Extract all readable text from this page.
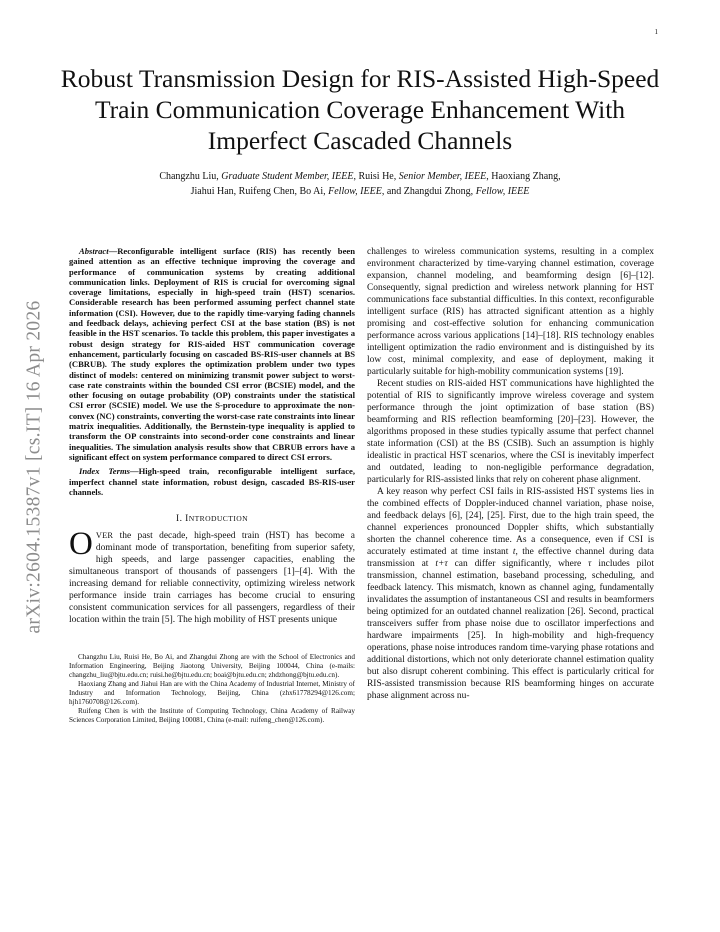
1
arXiv:2604.15387v1 [cs.IT] 16 Apr 2026
Robust Transmission Design for RIS-Assisted High-Speed Train Communication Coverage Enhancement With Imperfect Cascaded Channels
Changzhu Liu, Graduate Student Member, IEEE, Ruisi He, Senior Member, IEEE, Haoxiang Zhang,
Jiahui Han, Ruifeng Chen, Bo Ai, Fellow, IEEE, and Zhangdui Zhong, Fellow, IEEE

Abstract—Reconfigurable intelligent surface (RIS) has recently been gained attention as an effective technique improving the coverage and performance of communication systems by creating additional communication links. Deployment of RIS is crucial for overcoming signal coverage limitations, especially in high-speed train (HST) scenarios. Considerable research has been performed assuming perfect channel state information (CSI). However, due to the rapidly time-varying fading channels and feedback delays, achieving perfect CSI at the base station (BS) is not feasible in the HST scenarios. To tackle this problem, this paper investigates a robust design strategy for RIS-aided HST communication coverage enhancement, particularly focusing on cascaded BS-RIS-user channels at BS (CBRUB). The study explores the optimization problem under two types distinct of models: centered on minimizing transmit power subject to worst-case rate constraints within the bounded CSI error (BCSIE) model, and the other focusing on outage probability (OP) constraints under the statistical CSI error (SCSIE) model. We use the S-procedure to approximate the non-convex (NC) constraints, converting the worst-case rate constraints into linear matrix inequalities. Additionally, the Bernstein-type inequality is applied to transform the OP constraints into second-order cone constraints and linear inequalities. The simulation analysis results show that CBRUB errors have a significant effect on system performance compared to direct CSI errors.

Index Terms—High-speed train, reconfigurable intelligent surface, imperfect channel state information, robust design, cascaded BS-RIS-user channels.

I. INTRODUCTION

OVER the past decade, high-speed train (HST) has become a dominant mode of transportation, benefiting from superior safety, high speeds, and large passenger capacities, enabling the simultaneous transport of thousands of passengers [1]–[4]. With the increasing demand for reliable connectivity, optimizing wireless network performance inside train carriages has become crucial to ensuring consistent communication services for all passengers, regardless of their location within the train [5]. The high mobility of HST presents unique

Changzhu Liu, Ruisi He, Bo Ai, and Zhangdui Zhong are with the School of Electronics and Information Engineering, Beijing Jiaotong University, Beijing 100044, China (e-mails: changzhu_liu@bjtu.edu.cn; ruisi.he@bjtu.edu.cn; boai@bjtu.edu.cn; zhdzhong@bjtu.edu.cn).

Haoxiang Zhang and Jiahui Han are with the China Academy of Industrial Internet, Ministry of Industry and Information Technology, Beijing, China (zhx61778294@126.com; hjh1760708@126.com).

Ruifeng Chen is with the Institute of Computing Technology, China Academy of Railway Sciences Corporation Limited, Beijing 100081, China (e-mail: ruifeng_chen@126.com).

challenges to wireless communication systems, resulting in a complex environment characterized by time-varying channel estimation, coverage expansion, channel modeling, and beamforming design [6]–[12]. Consequently, signal prediction and wireless network planning for HST communications face substantial difficulties. In this context, reconfigurable intelligent surface (RIS) has attracted significant attention as a highly promising and cost-effective solution for enhancing communication performance across various applications [14]–[18]. RIS technology enables intelligent optimization the radio environment and is distinguished by its low cost, minimal complexity, and ease of deployment, making it particularly suitable for high-mobility communication systems [19].

Recent studies on RIS-aided HST communications have highlighted the potential of RIS to significantly improve wireless coverage and system performance through the joint optimization of base station (BS) beamforming and RIS reflection beamforming [20]–[23]. However, the algorithms proposed in these studies typically assume that perfect channel state information (CSI) at the BS (CSIB). Such an assumption is highly idealistic in practical HST scenarios, where the CSI is inevitably imperfect and outdated, leading to non-negligible performance degradation, particularly for RIS-assisted links that rely on coherent phase alignment.

A key reason why perfect CSI fails in RIS-assisted HST systems lies in the combined effects of Doppler-induced channel variation, phase noise, and feedback delays [6], [24], [25]. First, due to the high train speed, the channel experiences pronounced Doppler shifts, which substantially shorten the channel coherence time. As a consequence, even if CSI is accurately estimated at time instant t, the effective channel during data transmission at t+τ can differ significantly, where τ includes pilot transmission, channel estimation, baseband processing, scheduling, and feedback latency. This mismatch, known as channel aging, fundamentally invalidates the assumption of instantaneous CSI and results in beamformers being optimized for an outdated channel realization [26]. Second, practical transceivers suffer from phase noise due to oscillator imperfections and hardware impairments [25]. In high-mobility and high-frequency operations, phase noise introduces random time-varying phase rotations and additional distortions, which not only deteriorate channel estimation quality but also disrupt coherent combining. This effect is particularly critical for RIS-assisted transmission because RIS beamforming hinges on accurate phase alignment across nu-
